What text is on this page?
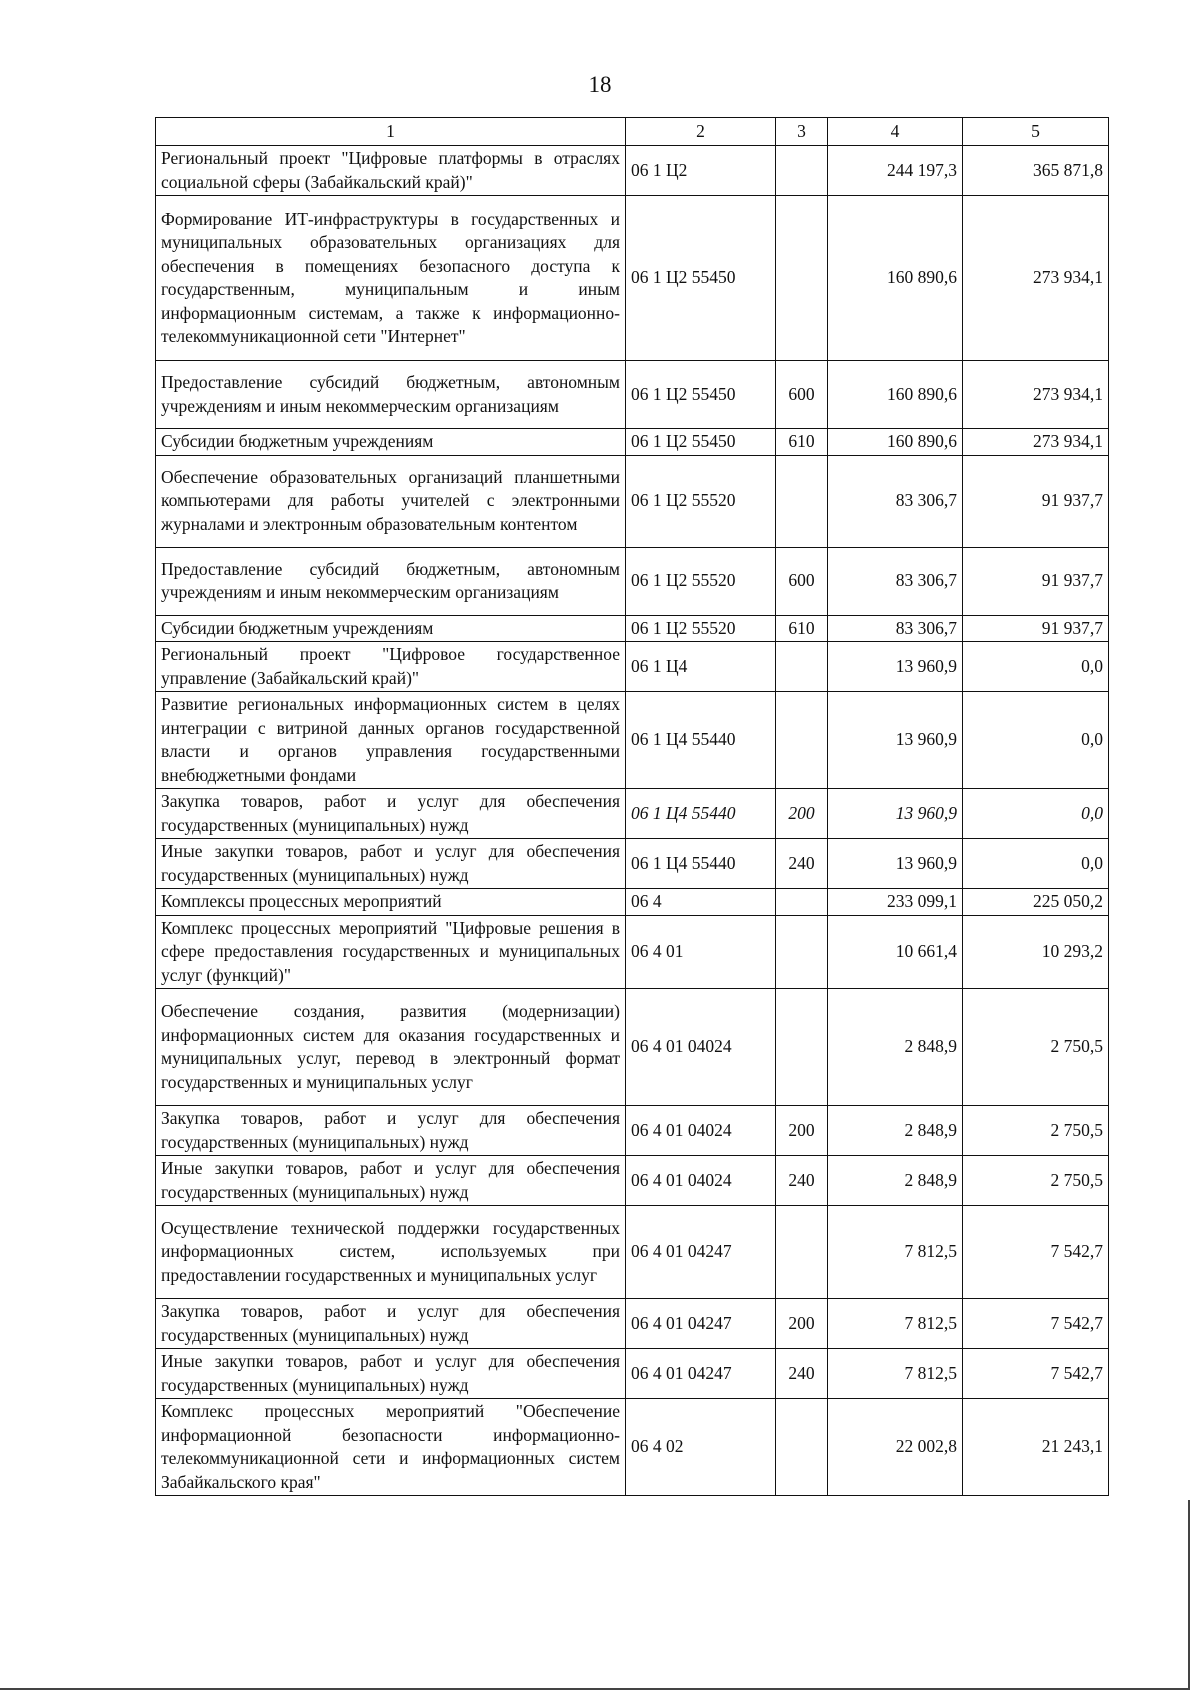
18
1	2	3	4	5
Региональный проект "Цифровые платформы в отраслях социальной сферы (Забайкальский край)"	06 1 Ц2		244 197,3	365 871,8
Формирование ИТ-инфраструктуры в государственных и муниципальных образовательных организациях для обеспечения в помещениях безопасного доступа к государственным, муниципальным и иным информационным системам, а также к информационно-телекоммуникационной сети "Интернет"	06 1 Ц2 55450		160 890,6	273 934,1
Предоставление субсидий бюджетным, автономным учреждениям и иным некоммерческим организациям	06 1 Ц2 55450	600	160 890,6	273 934,1
Субсидии бюджетным учреждениям	06 1 Ц2 55450	610	160 890,6	273 934,1
Обеспечение образовательных организаций планшетными компьютерами для работы учителей с электронными журналами и электронным образовательным контентом	06 1 Ц2 55520		83 306,7	91 937,7
Предоставление субсидий бюджетным, автономным учреждениям и иным некоммерческим организациям	06 1 Ц2 55520	600	83 306,7	91 937,7
Субсидии бюджетным учреждениям	06 1 Ц2 55520	610	83 306,7	91 937,7
Региональный проект "Цифровое государственное управление (Забайкальский край)"	06 1 Ц4		13 960,9	0,0
Развитие региональных информационных систем в целях интеграции с витриной данных органов государственной власти и органов управления государственными внебюджетными фондами	06 1 Ц4 55440		13 960,9	0,0
Закупка товаров, работ и услуг для обеспечения государственных (муниципальных) нужд	06 1 Ц4 55440	200	13 960,9	0,0
Иные закупки товаров, работ и услуг для обеспечения государственных (муниципальных) нужд	06 1 Ц4 55440	240	13 960,9	0,0
Комплексы процессных мероприятий	06 4		233 099,1	225 050,2
Комплекс процессных мероприятий "Цифровые решения в сфере предоставления государственных и муниципальных услуг (функций)"	06 4 01		10 661,4	10 293,2
Обеспечение создания, развития (модернизации) информационных систем для оказания государственных и муниципальных услуг, перевод в электронный формат государственных и муниципальных услуг	06 4 01 04024		2 848,9	2 750,5
Закупка товаров, работ и услуг для обеспечения государственных (муниципальных) нужд	06 4 01 04024	200	2 848,9	2 750,5
Иные закупки товаров, работ и услуг для обеспечения государственных (муниципальных) нужд	06 4 01 04024	240	2 848,9	2 750,5
Осуществление технической поддержки государственных информационных систем, используемых при предоставлении государственных и муниципальных услуг	06 4 01 04247		7 812,5	7 542,7
Закупка товаров, работ и услуг для обеспечения государственных (муниципальных) нужд	06 4 01 04247	200	7 812,5	7 542,7
Иные закупки товаров, работ и услуг для обеспечения государственных (муниципальных) нужд	06 4 01 04247	240	7 812,5	7 542,7
Комплекс процессных мероприятий "Обеспечение информационной безопасности информационно-телекоммуникационной сети и информационных систем Забайкальского края"	06 4 02		22 002,8	21 243,1
